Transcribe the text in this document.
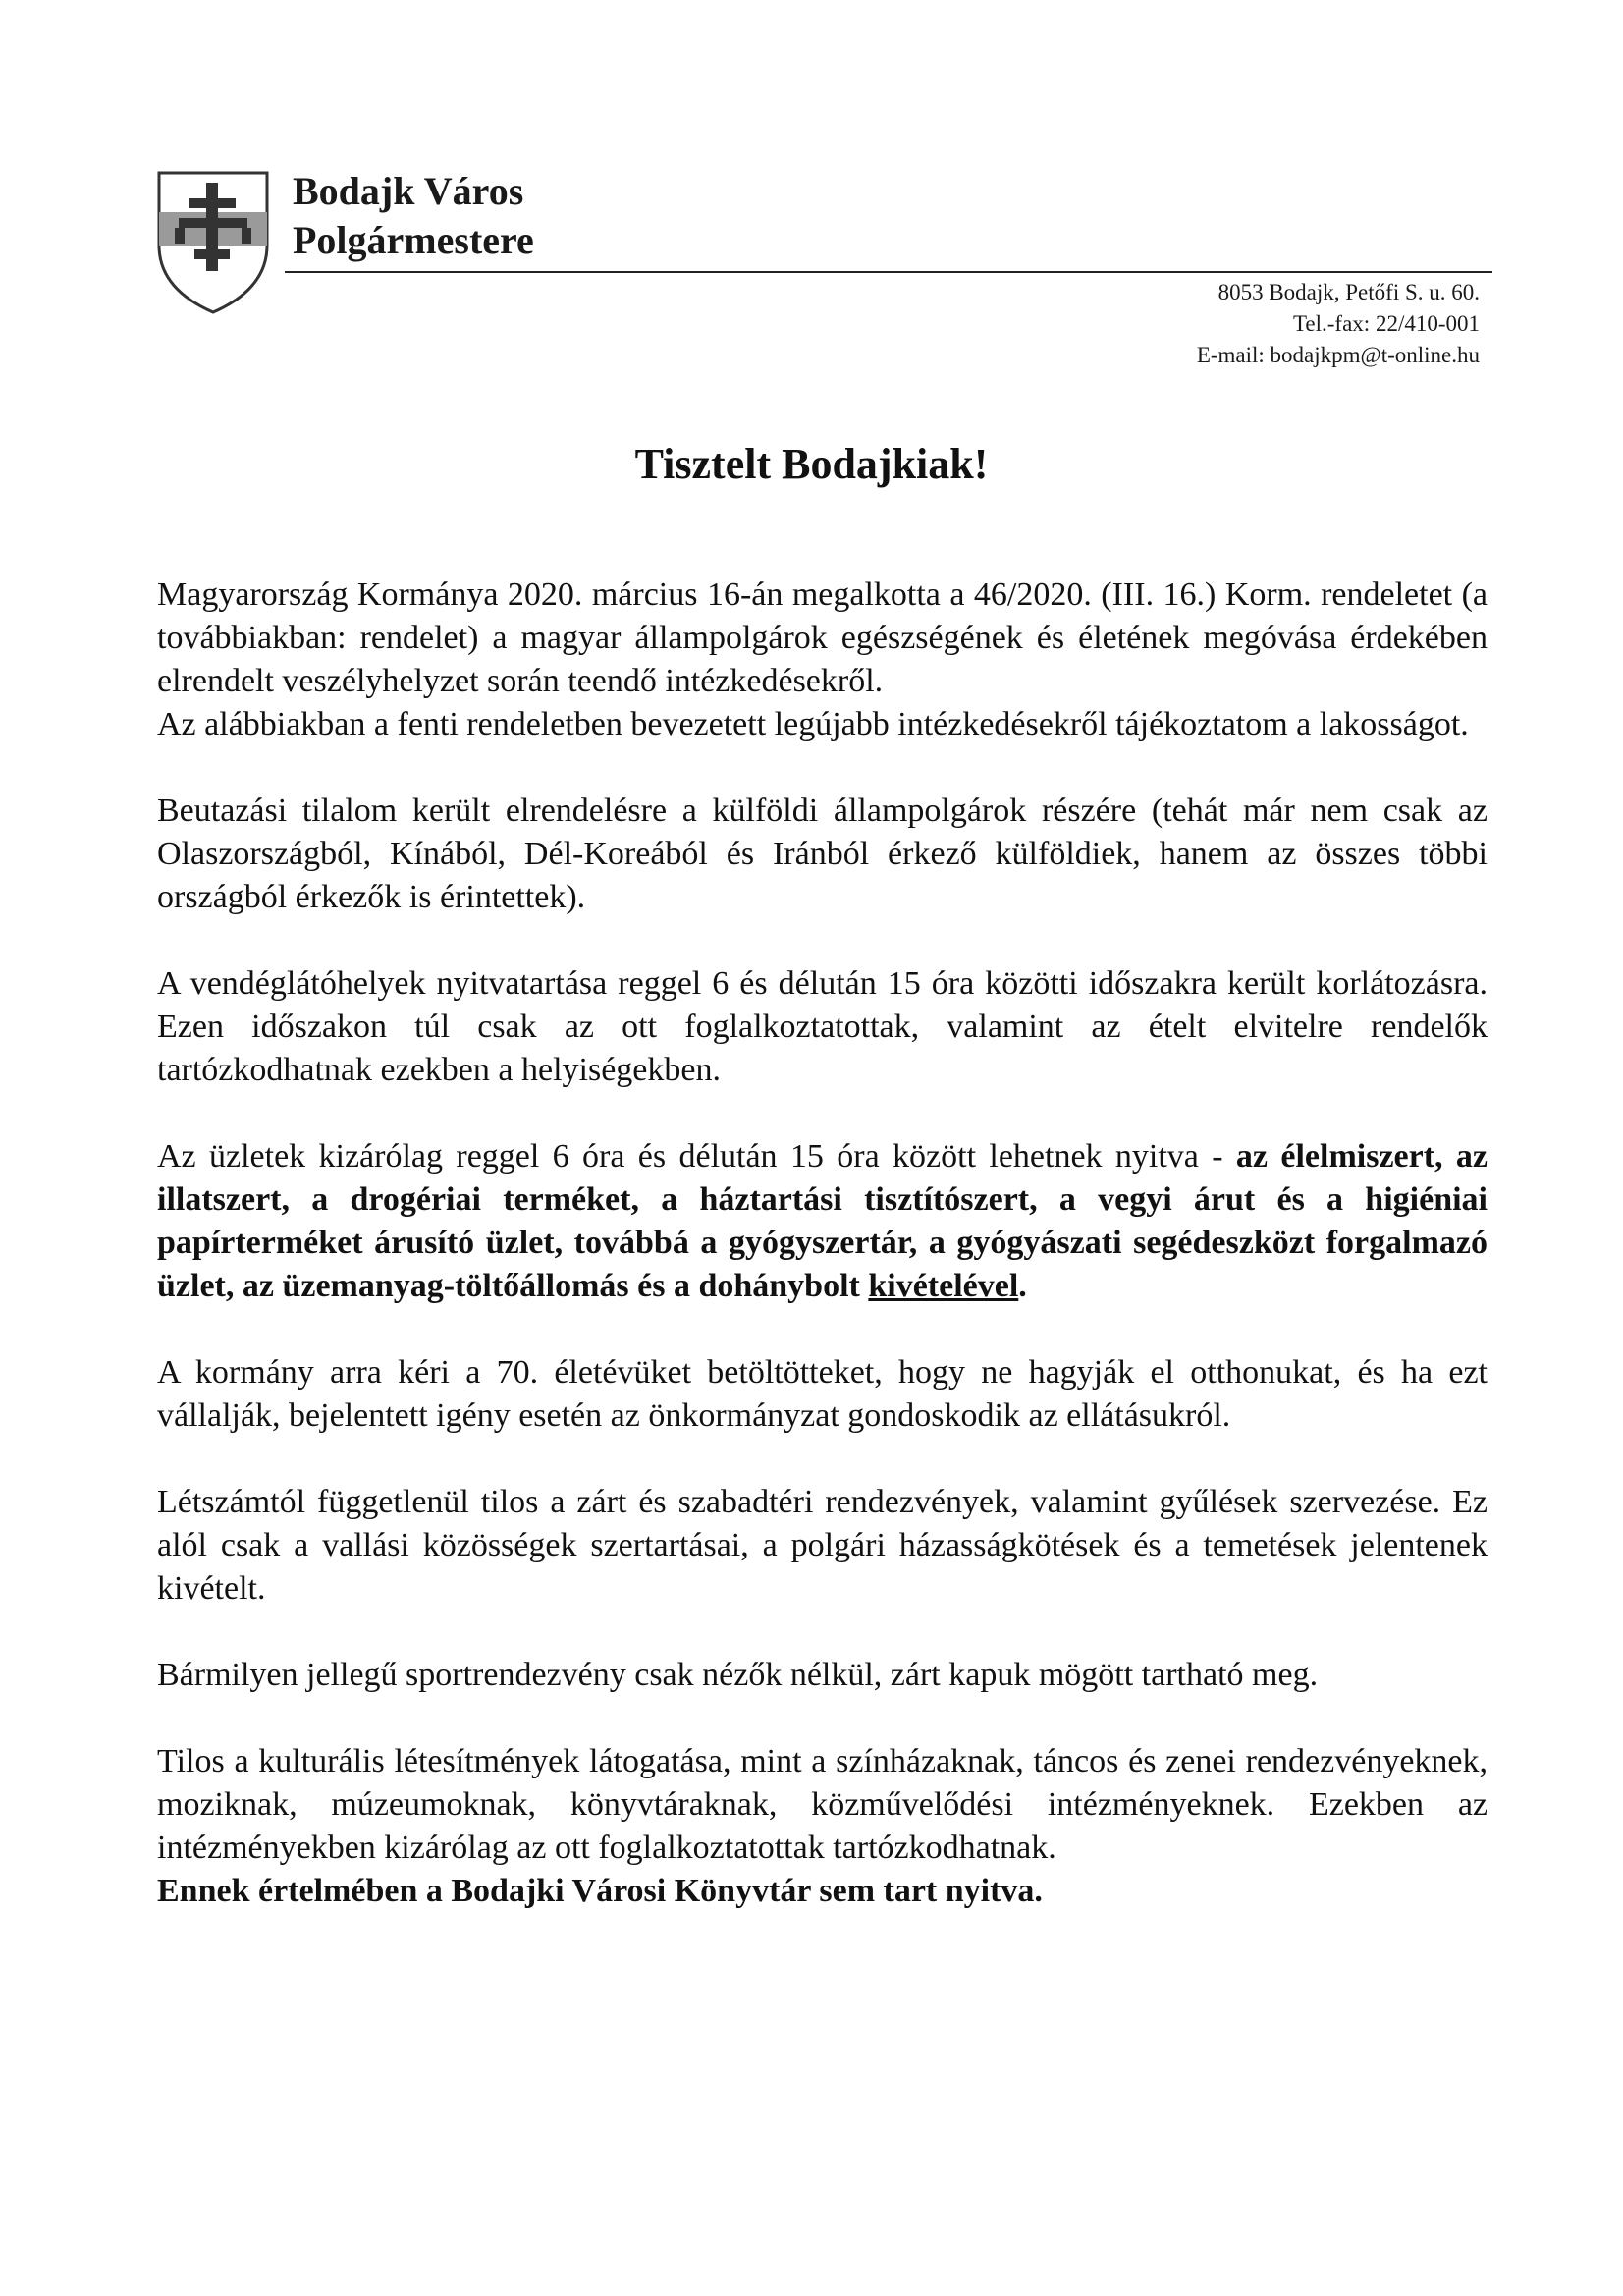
Bodajk Város
Polgármestere
8053 Bodajk, Petőfi S. u. 60.
Tel.-fax: 22/410-001
E-mail: bodajkpm@t-online.hu
Tisztelt Bodajkiak!

Magyarország Kormánya 2020. március 16-án megalkotta a 46/2020. (III. 16.) Korm. rendeletet (a továbbiakban: rendelet) a magyar állampolgárok egészségének és életének megóvása érdekében elrendelt veszélyhelyzet során teendő intézkedésekről.

Az alábbiakban a fenti rendeletben bevezetett legújabb intézkedésekről tájékoztatom a lakosságot.

Beutazási tilalom került elrendelésre a külföldi állampolgárok részére (tehát már nem csak az Olaszországból, Kínából, Dél-Koreából és Iránból érkező külföldiek, hanem az összes többi országból érkezők is érintettek).

A vendéglátóhelyek nyitvatartása reggel 6 és délután 15 óra közötti időszakra került korlátozásra. Ezen időszakon túl csak az ott foglalkoztatottak, valamint az ételt elvitelre rendelők tartózkodhatnak ezekben a helyiségekben.

Az üzletek kizárólag reggel 6 óra és délután 15 óra között lehetnek nyitva - az élelmiszert, az illatszert, a drogériai terméket, a háztartási tisztítószert, a vegyi árut és a higiéniai papírterméket árusító üzlet, továbbá a gyógyszertár, a gyógyászati segédeszközt forgalmazó üzlet, az üzemanyag-töltőállomás és a dohánybolt kivételével.

A kormány arra kéri a 70. életévüket betöltötteket, hogy ne hagyják el otthonukat, és ha ezt vállalják, bejelentett igény esetén az önkormányzat gondoskodik az ellátásukról.

Létszámtól függetlenül tilos a zárt és szabadtéri rendezvények, valamint gyűlések szervezése. Ez alól csak a vallási közösségek szertartásai, a polgári házasságkötések és a temetések jelentenek kivételt.

Bármilyen jellegű sportrendezvény csak nézők nélkül, zárt kapuk mögött tartható meg.

Tilos a kulturális létesítmények látogatása, mint a színházaknak, táncos és zenei rendezvényeknek, moziknak, múzeumoknak, könyvtáraknak, közművelődési intézményeknek. Ezekben az intézményekben kizárólag az ott foglalkoztatottak tartózkodhatnak.

Ennek értelmében a Bodajki Városi Könyvtár sem tart nyitva.
